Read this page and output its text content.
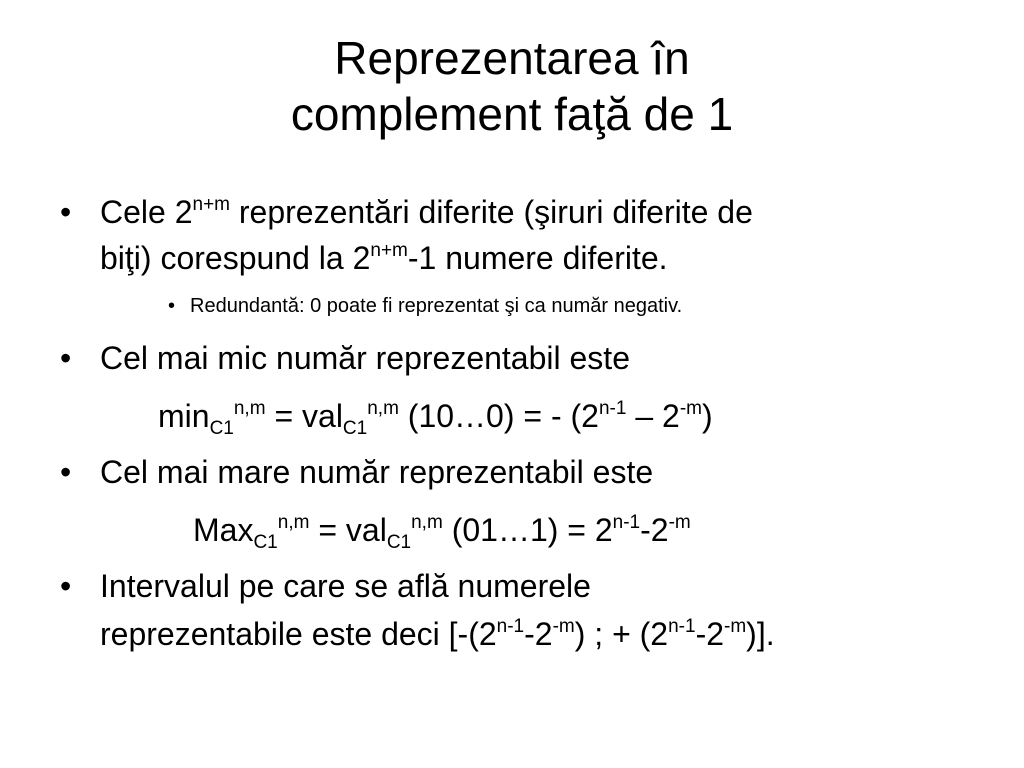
Reprezentarea în
complement faţă de 1
• Cele $2^{n+m}$ reprezentări diferite (şiruri diferite de
biţi) corespund la $2^{n+m}-1$ numere diferite.
• Redundantă: 0 poate fi reprezentat şi ca număr negativ.
• Cel mai mic număr reprezentabil este
$\min_{C1}^{n,m} = val_{C1}^{n,m}$ (10…0) = - $(2^{n-1} - 2^{-m})$
• Cel mai mare număr reprezentabil este
Max$_{C1}^{n,m}$ = val$_{C1}^{n,m}$ (01…1) = $2^{n-1}-2^{-m}$
• Intervalul pe care se află numerele
reprezentabile este deci [$-(2^{n-1}-2^{-m})$ ; + $(2^{n-1}-2^{-m})$].
